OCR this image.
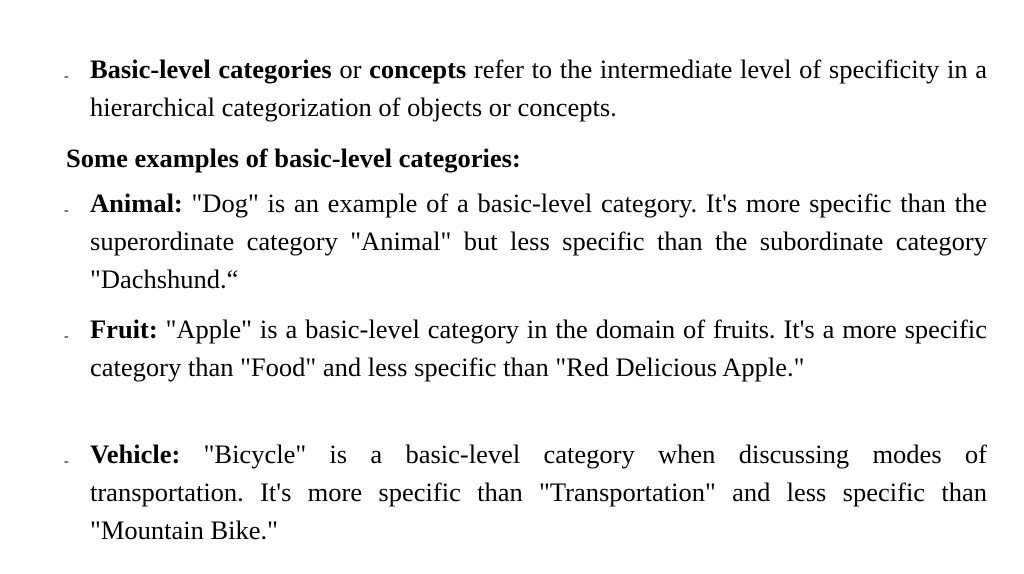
- Basic-level categories or concepts refer to the intermediate level of specificity in a hierarchical categorization of objects or concepts.
Some examples of basic-level categories:
- Animal: "Dog" is an example of a basic-level category. It's more specific than the superordinate category "Animal" but less specific than the subordinate category "Dachshund.“
- Fruit: "Apple" is a basic-level category in the domain of fruits. It's a more specific category than "Food" and less specific than "Red Delicious Apple."
- Vehicle: "Bicycle" is a basic-level category when discussing modes of transportation. It's more specific than "Transportation" and less specific than "Mountain Bike."
